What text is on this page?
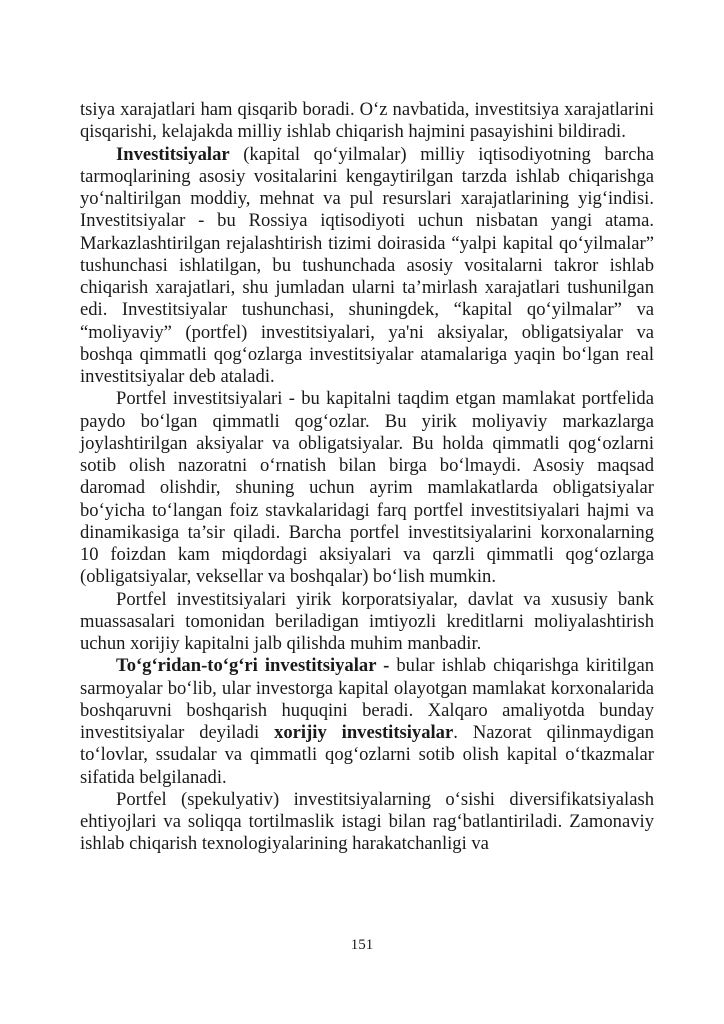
tsiya xarajatlari ham qisqarib boradi. O‘z navbatida, investitsiya xarajatlarini qisqarishi, kelajakda milliy ishlab chiqarish hajmini pasayishini bildiradi.

Investitsiyalar (kapital qo‘yilmalar) milliy iqtisodiyotning barcha tarmoqlarining asosiy vositalarini kengaytirilgan tarzda ishlab chiqarishga yo‘naltirilgan moddiy, mehnat va pul resurslari xarajatlarining yig‘indisi. Investitsiyalar - bu Rossiya iqtisodiyoti uchun nisbatan yangi atama. Markazlashtirilgan rejalashtirish tizimi doirasida “yalpi kapital qo‘yilmalar” tushunchasi ishlatilgan, bu tushunchada asosiy vositalarni takror ishlab chiqarish xarajatlari, shu jumladan ularni ta’mirlash xarajatlari tushunilgan edi. Investitsiyalar tushunchasi, shuningdek, “kapital qo‘yilmalar” va “moliyaviy” (portfel) investitsiyalari, ya'ni aksiyalar, obligatsiyalar va boshqa qimmatli qog‘ozlarga investitsiyalar atamalariga yaqin bo‘lgan real investitsiyalar deb ataladi.

Portfel investitsiyalari - bu kapitalni taqdim etgan mamlakat portfelida paydo bo‘lgan qimmatli qog‘ozlar. Bu yirik moliyaviy markazlarga joylashtirilgan aksiyalar va obligatsiyalar. Bu holda qimmatli qog‘ozlarni sotib olish nazoratni o‘rnatish bilan birga bo‘lmaydi. Asosiy maqsad daromad olishdir, shuning uchun ayrim mamlakatlarda obligatsiyalar bo‘yicha to‘langan foiz stavkalaridagi farq portfel investitsiyalari hajmi va dinamikasiga ta’sir qiladi. Barcha portfel investitsiyalarini korxonalarning 10 foizdan kam miqdordagi aksiyalari va qarzli qimmatli qog‘ozlarga (obligatsiyalar, veksellar va boshqalar) bo‘lish mumkin.

Portfel investitsiyalari yirik korporatsiyalar, davlat va xususiy bank muassasalari tomonidan beriladigan imtiyozli kreditlarni moliyalashtirish uchun xorijiy kapitalni jalb qilishda muhim manbadir.

To‘g‘ridan-to‘g‘ri investitsiyalar - bular ishlab chiqarishga kiritilgan sarmoyalar bo‘lib, ular investorga kapital olayotgan mamlakat korxonalarida boshqaruvni boshqarish huquqini beradi. Xalqaro amaliyotda bunday investitsiyalar deyiladi xorijiy investitsiyalar. Nazorat qilinmaydigan to‘lovlar, ssudalar va qimmatli qog‘ozlarni sotib olish kapital o‘tkazmalar sifatida belgilanadi.

Portfel (spekulyativ) investitsiyalarning o‘sishi diversifikatsiyalash ehtiyojlari va soliqqa tortilmaslik istagi bilan rag‘batlantiriladi. Zamonaviy ishlab chiqarish texnologiyalarining harakatchanligi va

151
